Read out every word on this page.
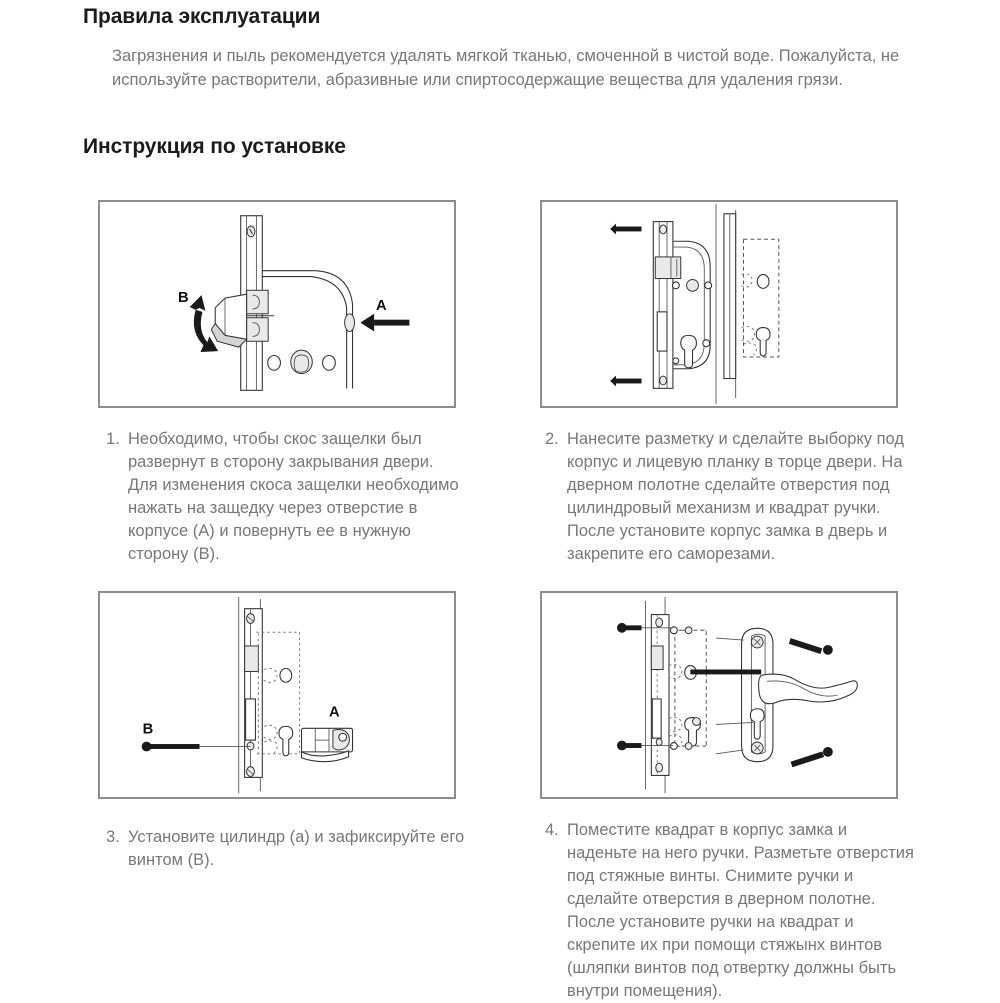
Правила эксплуатации
Загрязнения и пыль рекомендуется удалять мягкой тканью, смоченной в чистой воде. Пожалуйста, не используйте растворители, абразивные или спиртосодержащие вещества для удаления грязи.
Инструкция по установке
B	A
A
B
1. Необходимо, чтобы скос защелки был развернут в сторону закрывания двери. Для изменения скоса защелки необходимо нажать на защедку через отверстие в корпусе (A) и повернуть ее в нужную сторону (B).
2. Нанесите разметку и сделайте выборку под корпус и лицевую планку в торце двери. На дверном полотне сделайте отверстия под цилиндровый механизм и квадрат ручки. После установите корпус замка в дверь и закрепите его саморезами.
3. Установите цилиндр (a) и зафиксируйте его винтом (B).
4. Поместите квадрат в корпус замка и наденьте на него ручки. Разметьте отверстия под стяжные винты. Снимите ручки и сделайте отверстия в дверном полотне. После установите ручки на квадрат и скрепите их при помощи стяжынх винтов (шляпки винтов под отвертку должны быть внутри помещения).
